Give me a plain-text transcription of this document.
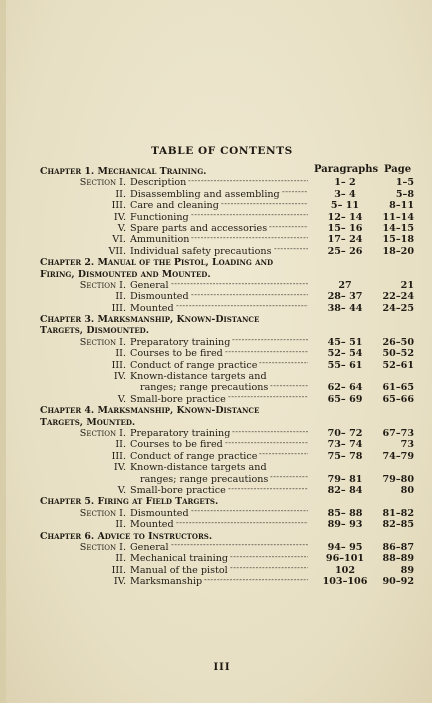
TABLE OF CONTENTS
Paragraphs Page
Chapter 1. Mechanical Training.
Section I. Description -----	1– 2	1–5
II. Disassembling and assembling -----	3– 4	5–8
III. Care and cleaning -----	5– 11	8–11
IV. Functioning -----	12– 14	11–14
V. Spare parts and accessories -----	15– 16	14–15
VI. Ammunition -----	17– 24	15–18
VII. Individual safety precautions -----	25– 26	18–20
Chapter 2. Manual of the Pistol, Loading and
Firing, Dismounted and Mounted.
Section I. General -----	27	21
II. Dismounted -----	28– 37	22–24
III. Mounted -----	38– 44	24–25
Chapter 3. Marksmanship, Known-Distance
Targets, Dismounted.
Section I. Preparatory training -----	45– 51	26–50
II. Courses to be fired -----	52– 54	50–52
III. Conduct of range practice -----	55– 61	52–61
IV. Known-distance targets and
ranges; range precautions -----	62– 64	61–65
V. Small-bore practice -----	65– 69	65–66
Chapter 4. Marksmanship, Known-Distance
Targets, Mounted.
Section I. Preparatory training -----	70– 72	67–73
II. Courses to be fired -----	73– 74	73
III. Conduct of range practice -----	75– 78	74–79
IV. Known-distance targets and
ranges; range precautions -----	79– 81	79–80
V. Small-bore practice -----	82– 84	80
Chapter 5. Firing at Field Targets.
Section I. Dismounted -----	85– 88	81–82
II. Mounted -----	89– 93	82–85
Chapter 6. Advice to Instructors.
Section I. General -----	94– 95	86–87
II. Mechanical training -----	96–101	88–89
III. Manual of the pistol -----	102	89
IV. Marksmanship -----	103–106	90–92
III
